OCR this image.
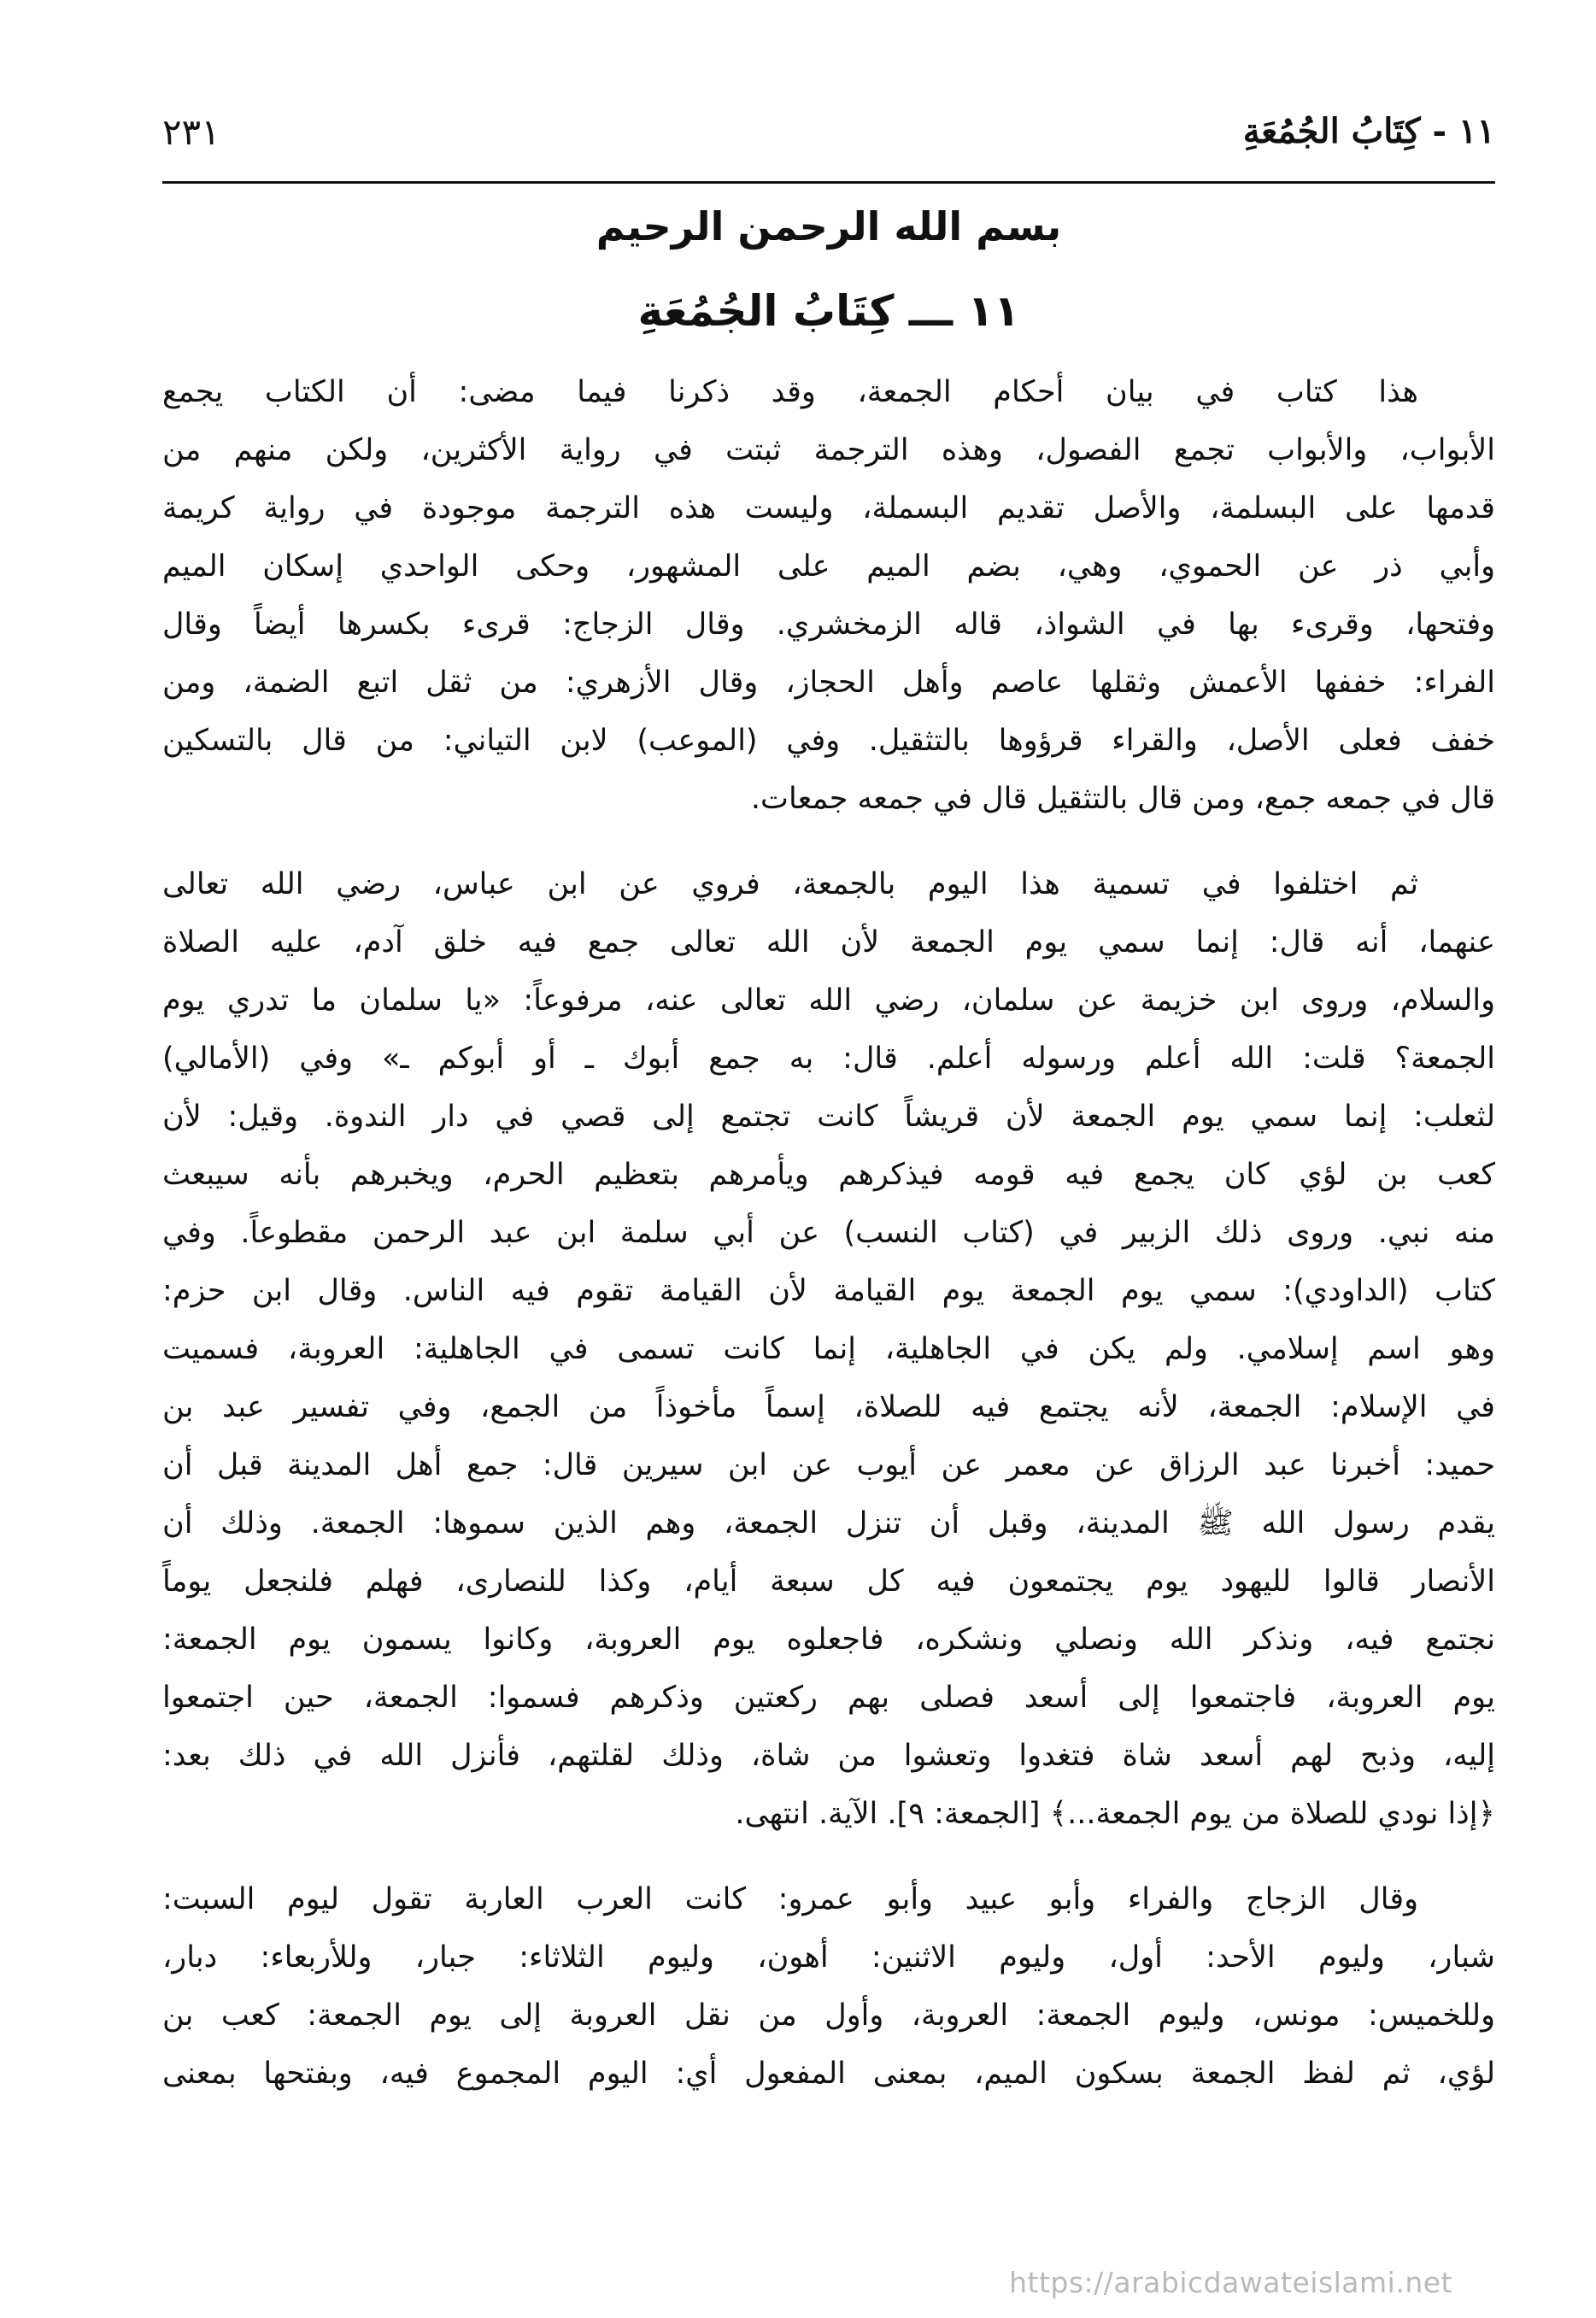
١١ - كِتَابُ الجُمُعَةِ
٢٣١
بسم الله الرحمن الرحيم
١١ ـــ كِتَابُ الجُمُعَةِ
هذا كتاب في بيان أحكام الجمعة، وقد ذكرنا فيما مضى: أن الكتاب يجمع
الأبواب، والأبواب تجمع الفصول، وهذه الترجمة ثبتت في رواية الأكثرين، ولكن منهم من
قدمها على البسلمة، والأصل تقديم البسملة، وليست هذه الترجمة موجودة في رواية كريمة
وأبي ذر عن الحموي، وهي، بضم الميم على المشهور، وحكى الواحدي إسكان الميم
وفتحها، وقرىء بها في الشواذ، قاله الزمخشري. وقال الزجاج: قرىء بكسرها أيضاً وقال
الفراء: خففها الأعمش وثقلها عاصم وأهل الحجاز، وقال الأزهري: من ثقل اتبع الضمة، ومن
خفف فعلى الأصل، والقراء قرؤوها بالتثقيل. وفي (الموعب) لابن التياني: من قال بالتسكين
قال في جمعه جمع، ومن قال بالتثقيل قال في جمعه جمعات.
ثم اختلفوا في تسمية هذا اليوم بالجمعة، فروي عن ابن عباس، رضي الله تعالى
عنهما، أنه قال: إنما سمي يوم الجمعة لأن الله تعالى جمع فيه خلق آدم، عليه الصلاة
والسلام، وروى ابن خزيمة عن سلمان، رضي الله تعالى عنه، مرفوعاً: «يا سلمان ما تدري يوم
الجمعة؟ قلت: الله أعلم ورسوله أعلم. قال: به جمع أبوك ـ أو أبوكم ـ» وفي (الأمالي)
لثعلب: إنما سمي يوم الجمعة لأن قريشاً كانت تجتمع إلى قصي في دار الندوة. وقيل: لأن
كعب بن لؤي كان يجمع فيه قومه فيذكرهم ويأمرهم بتعظيم الحرم، ويخبرهم بأنه سيبعث
منه نبي. وروى ذلك الزبير في (كتاب النسب) عن أبي سلمة ابن عبد الرحمن مقطوعاً. وفي
كتاب (الداودي): سمي يوم الجمعة يوم القيامة لأن القيامة تقوم فيه الناس. وقال ابن حزم:
وهو اسم إسلامي. ولم يكن في الجاهلية، إنما كانت تسمى في الجاهلية: العروبة، فسميت
في الإسلام: الجمعة، لأنه يجتمع فيه للصلاة، إسماً مأخوذاً من الجمع، وفي تفسير عبد بن
حميد: أخبرنا عبد الرزاق عن معمر عن أيوب عن ابن سيرين قال: جمع أهل المدينة قبل أن
يقدم رسول الله ﷺ المدينة، وقبل أن تنزل الجمعة، وهم الذين سموها: الجمعة. وذلك أن
الأنصار قالوا لليهود يوم يجتمعون فيه كل سبعة أيام، وكذا للنصارى، فهلم فلنجعل يوماً
نجتمع فيه، ونذكر الله ونصلي ونشكره، فاجعلوه يوم العروبة، وكانوا يسمون يوم الجمعة:
يوم العروبة، فاجتمعوا إلى أسعد فصلى بهم ركعتين وذكرهم فسموا: الجمعة، حين اجتمعوا
إليه، وذبح لهم أسعد شاة فتغدوا وتعشوا من شاة، وذلك لقلتهم، فأنزل الله في ذلك بعد:
﴿إذا نودي للصلاة من يوم الجمعة...﴾ [الجمعة: ٩]. الآية. انتهى.
وقال الزجاج والفراء وأبو عبيد وأبو عمرو: كانت العرب العاربة تقول ليوم السبت:
شبار، وليوم الأحد: أول، وليوم الاثنين: أهون، وليوم الثلاثاء: جبار، وللأربعاء: دبار،
وللخميس: مونس، وليوم الجمعة: العروبة، وأول من نقل العروبة إلى يوم الجمعة: كعب بن
لؤي، ثم لفظ الجمعة بسكون الميم، بمعنى المفعول أي: اليوم المجموع فيه، وبفتحها بمعنى
https://arabicdawateislami.net
